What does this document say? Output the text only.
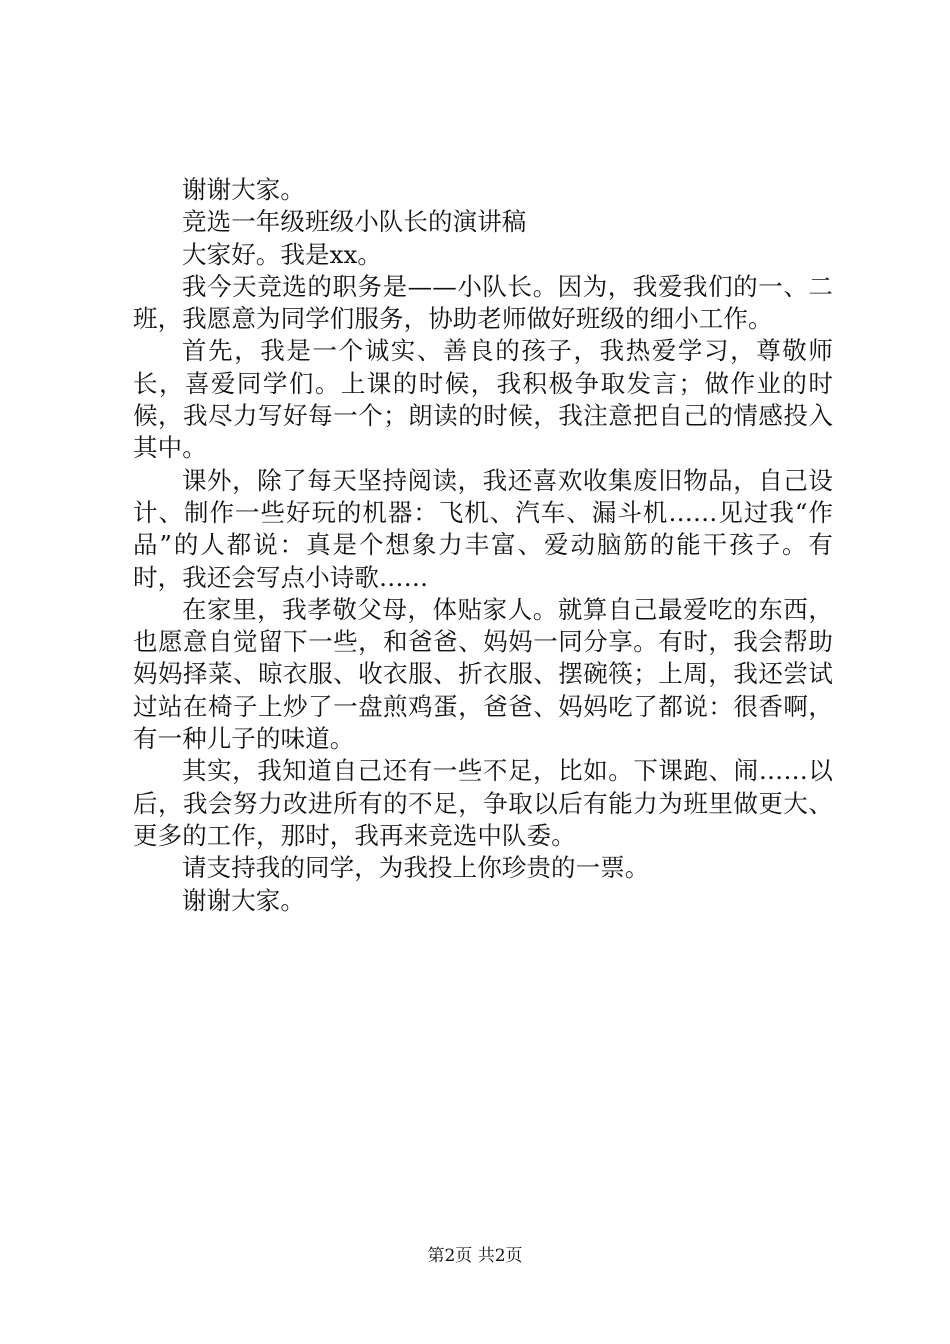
谢谢大家。

竞选一年级班级小队长的演讲稿

大家好。我是xx。

我今天竞选的职务是——小队长。因为，我爱我们的一、二班，我愿意为同学们服务，协助老师做好班级的细小工作。

首先，我是一个诚实、善良的孩子，我热爱学习，尊敬师长，喜爱同学们。上课的时候，我积极争取发言；做作业的时候，我尽力写好每一个；朗读的时候，我注意把自己的情感投入其中。

课外，除了每天坚持阅读，我还喜欢收集废旧物品，自己设计、制作一些好玩的机器：飞机、汽车、漏斗机……见过我“作品”的人都说：真是个想象力丰富、爱动脑筋的能干孩子。有时，我还会写点小诗歌……

在家里，我孝敬父母，体贴家人。就算自己最爱吃的东西，也愿意自觉留下一些，和爸爸、妈妈一同分享。有时，我会帮助妈妈择菜、晾衣服、收衣服、折衣服、摆碗筷；上周，我还尝试过站在椅子上炒了一盘煎鸡蛋，爸爸、妈妈吃了都说：很香啊，有一种儿子的味道。

其实，我知道自己还有一些不足，比如。下课跑、闹……以后，我会努力改进所有的不足，争取以后有能力为班里做更大、更多的工作，那时，我再来竞选中队委。

请支持我的同学，为我投上你珍贵的一票。

谢谢大家。

第2页 共2页
